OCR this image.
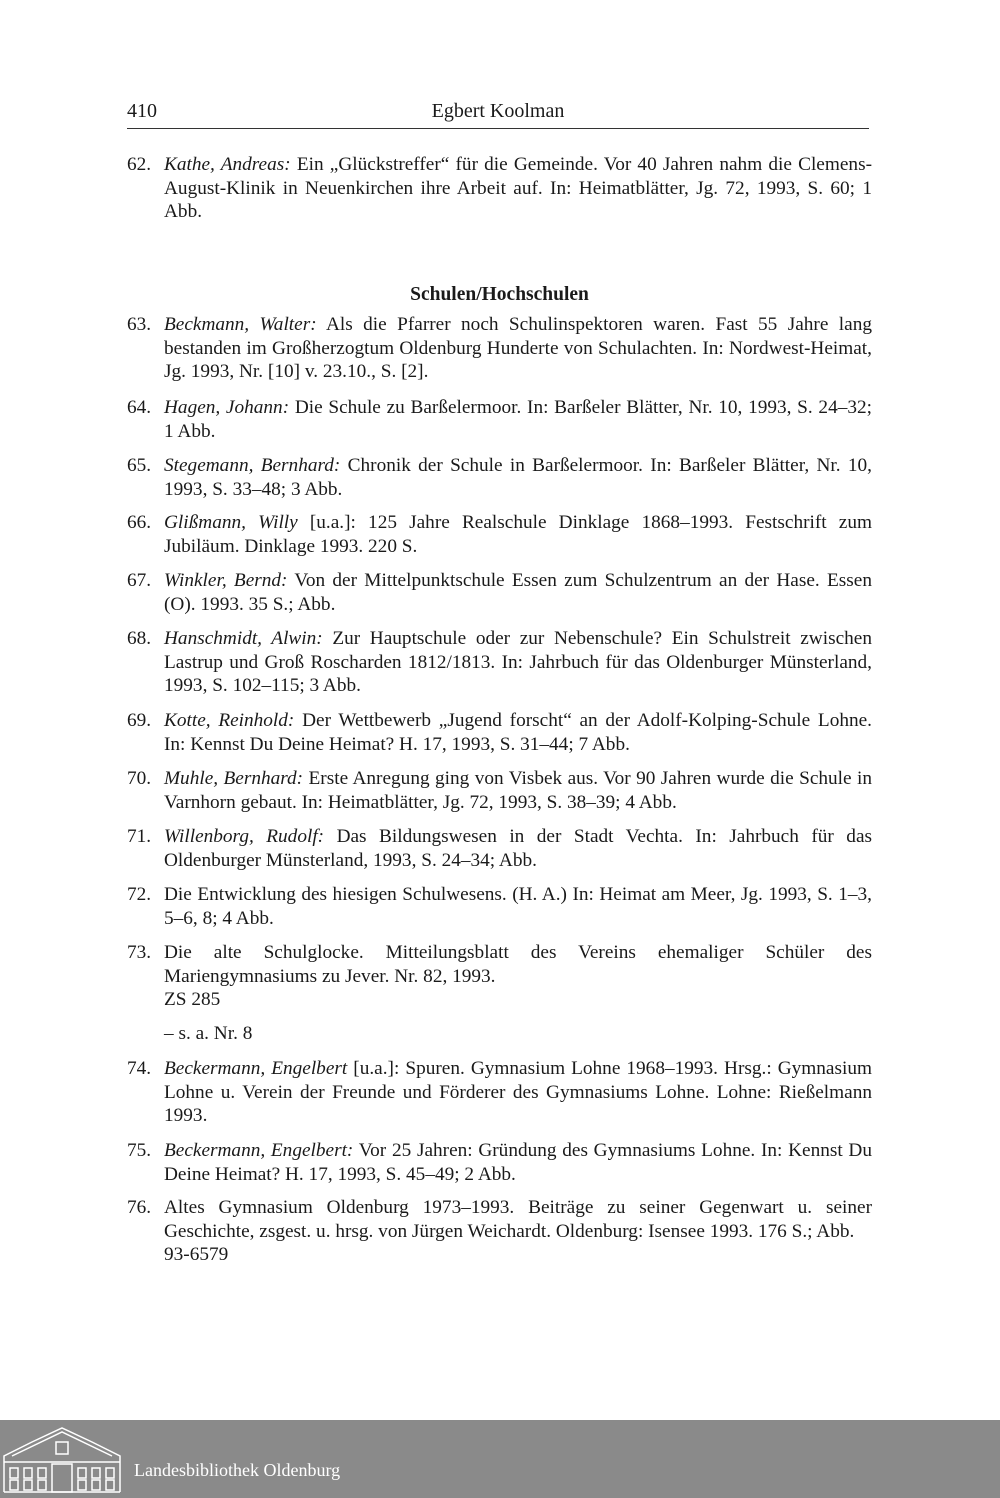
410	Egbert Koolman
62. Kathe, Andreas: Ein „Glückstreffer“ für die Gemeinde. Vor 40 Jahren nahm die Clemens-August-Klinik in Neuenkirchen ihre Arbeit auf. In: Heimatblätter, Jg. 72, 1993, S. 60; 1 Abb.
Schulen/Hochschulen
63. Beckmann, Walter: Als die Pfarrer noch Schulinspektoren waren. Fast 55 Jahre lang bestanden im Großherzogtum Oldenburg Hunderte von Schulachten. In: Nordwest-Heimat, Jg. 1993, Nr. [10] v. 23.10., S. [2].
64. Hagen, Johann: Die Schule zu Barßelermoor. In: Barßeler Blätter, Nr. 10, 1993, S. 24–32; 1 Abb.
65. Stegemann, Bernhard: Chronik der Schule in Barßelermoor. In: Barßeler Blätter, Nr. 10, 1993, S. 33–48; 3 Abb.
66. Glißmann, Willy [u.a.]: 125 Jahre Realschule Dinklage 1868–1993. Festschrift zum Jubiläum. Dinklage 1993. 220 S.
67. Winkler, Bernd: Von der Mittelpunktschule Essen zum Schulzentrum an der Hase. Essen (O). 1993. 35 S.; Abb.
68. Hanschmidt, Alwin: Zur Hauptschule oder zur Nebenschule? Ein Schulstreit zwischen Lastrup und Groß Roscharden 1812/1813. In: Jahrbuch für das Oldenburger Münsterland, 1993, S. 102–115; 3 Abb.
69. Kotte, Reinhold: Der Wettbewerb „Jugend forscht“ an der Adolf-Kolping-Schule Lohne. In: Kennst Du Deine Heimat? H. 17, 1993, S. 31–44; 7 Abb.
70. Muhle, Bernhard: Erste Anregung ging von Visbek aus. Vor 90 Jahren wurde die Schule in Varnhorn gebaut. In: Heimatblätter, Jg. 72, 1993, S. 38–39; 4 Abb.
71. Willenborg, Rudolf: Das Bildungswesen in der Stadt Vechta. In: Jahrbuch für das Oldenburger Münsterland, 1993, S. 24–34; Abb.
72. Die Entwicklung des hiesigen Schulwesens. (H. A.) In: Heimat am Meer, Jg. 1993, S. 1–3, 5–6, 8; 4 Abb.
73. Die alte Schulglocke. Mitteilungsblatt des Vereins ehemaliger Schüler des Mariengymnasiums zu Jever. Nr. 82, 1993.
ZS 285
– s. a. Nr. 8
74. Beckermann, Engelbert [u.a.]: Spuren. Gymnasium Lohne 1968–1993. Hrsg.: Gymnasium Lohne u. Verein der Freunde und Förderer des Gymnasiums Lohne. Lohne: Rießelmann 1993.
75. Beckermann, Engelbert: Vor 25 Jahren: Gründung des Gymnasiums Lohne. In: Kennst Du Deine Heimat? H. 17, 1993, S. 45–49; 2 Abb.
76. Altes Gymnasium Oldenburg 1973–1993. Beiträge zu seiner Gegenwart u. seiner Geschichte, zsgest. u. hrsg. von Jürgen Weichardt. Oldenburg: Isensee 1993. 176 S.; Abb.
93-6579
Landesbibliothek Oldenburg
